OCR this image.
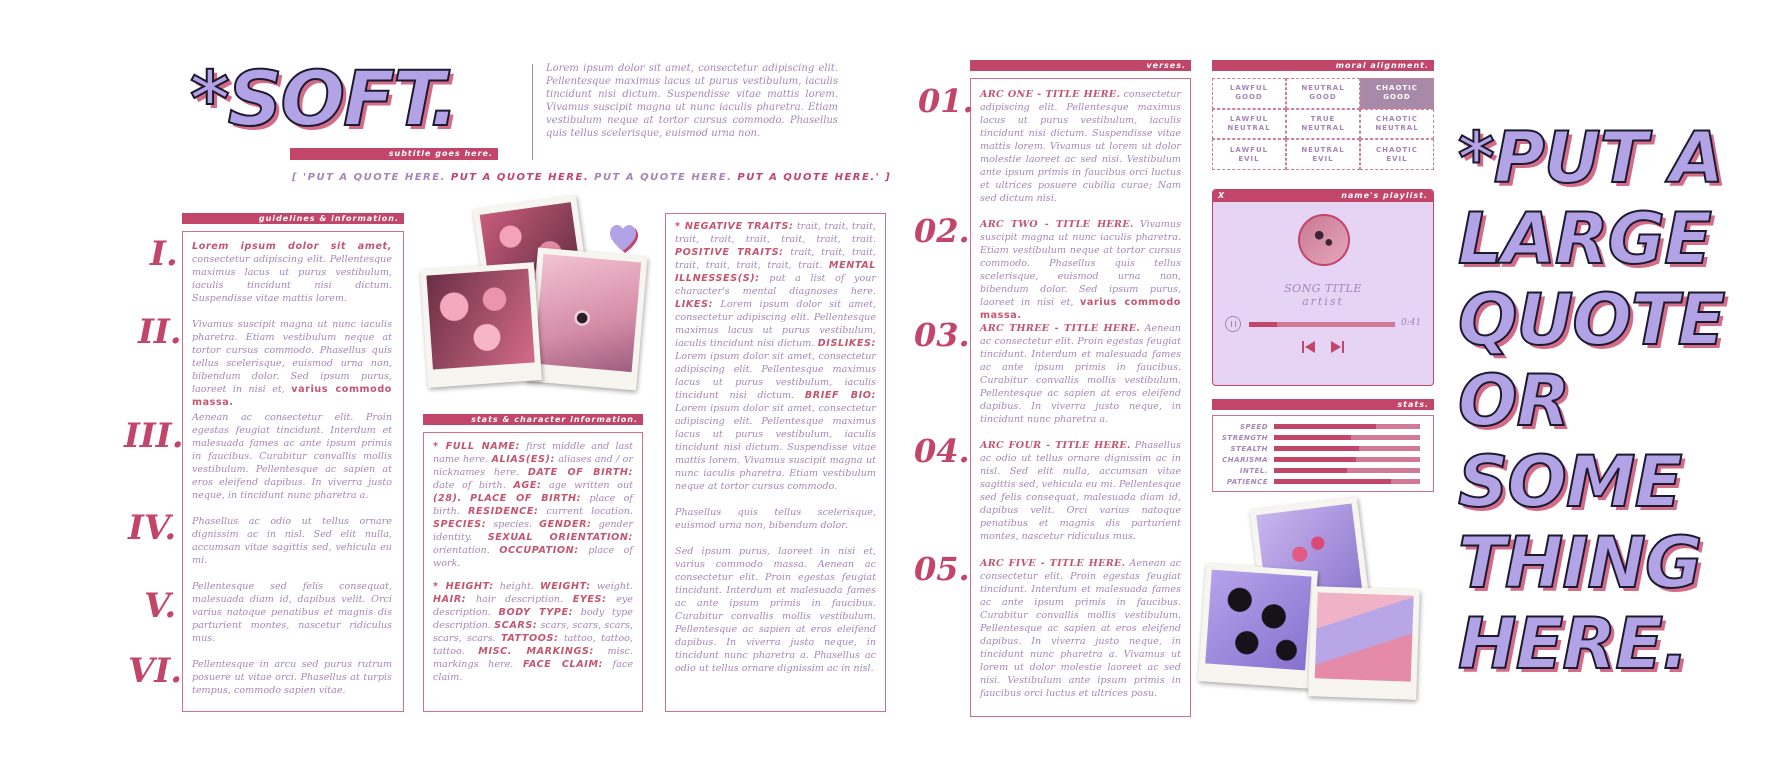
*SOFT.
subtitle goes here.
Lorem ipsum dolor sit amet, consectetur adipiscing elit. Pellentesque maximus lacus ut purus vestibulum, iaculis tincidunt nisi dictum. Suspendisse vitae mattis lorem. Vivamus suscipit magna ut nunc iaculis pharetra. Etiam vestibulum neque at tortor cursus commodo. Phasellus quis tellus scelerisque, euismod urna non.
[ 'PUT A QUOTE HERE. PUT A QUOTE HERE. PUT A QUOTE HERE. PUT A QUOTE HERE.' ]
guidelines & information.
I. Lorem ipsum dolor sit amet, consectetur adipiscing elit. Pellentesque maximus lacus ut purus vestibulum, iaculis tincidunt nisi dictum. Suspendisse vitae mattis lorem.
II. Vivamus suscipit magna ut nunc iaculis pharetra. Etiam vestibulum neque at tortor cursus commodo. Phasellus quis tellus scelerisque, euismod urna non, bibendum dolor. Sed ipsum purus, laoreet in nisi et, varius commodo massa.
III. Aenean ac consectetur elit. Proin egestas feugiat tincidunt. Interdum et malesuada fames ac ante ipsum primis in faucibus. Curabitur convallis mollis vestibulum. Pellentesque ac sapien at eros eleifend dapibus. In viverra justo neque, in tincidunt nunc pharetra a.
IV. Phasellus ac odio ut tellus ornare dignissim ac in nisl. Sed elit nulla, accumsan vitae sagittis sed, vehicula eu mi.
V. Pellentesque sed felis consequat, malesuada diam id, dapibus velit. Orci varius natoque penatibus et magnis dis parturient montes, nascetur ridiculus mus.
VI. Pellentesque in arcu sed purus rutrum posuere ut vitae orci. Phasellus at turpis tempus, commodo sapien vitae.
stats & character information.
* FULL NAME: first middle and last name here. ALIAS(ES): aliases and / or nicknames here. DATE OF BIRTH: date of birth. AGE: age written out (28). PLACE OF BIRTH: place of birth. RESIDENCE: current location. SPECIES: species. GENDER: gender identity. SEXUAL ORIENTATION: orientation. OCCUPATION: place of work.
* HEIGHT: height. WEIGHT: weight. HAIR: hair description. EYES: eye description. BODY TYPE: body type description. SCARS: scars, scars, scars, scars, scars. TATTOOS: tattoo, tattoo, tattoo. MISC. MARKINGS: misc. markings here. FACE CLAIM: face claim.
* NEGATIVE TRAITS: trait, trait, trait, trait, trait, trait, trait, trait, trait. POSITIVE TRAITS: trait, trait, trait, trait, trait, trait, trait, trait. MENTAL ILLNESSES(S): put a list of your character's mental diagnoses here. LIKES: Lorem ipsum dolor sit amet, consectetur adipiscing elit. Pellentesque maximus lacus ut purus vestibulum, iaculis tincidunt nisi dictum. DISLIKES: Lorem ipsum dolor sit amet, consectetur adipiscing elit. Pellentesque maximus lacus ut purus vestibulum, iaculis tincidunt nisi dictum. BRIEF BIO: Lorem ipsum dolor sit amet, consectetur adipiscing elit. Pellentesque maximus lacus ut purus vestibulum, iaculis tincidunt nisi dictum. Suspendisse vitae mattis lorem. Vivamus suscipit magna ut nunc iaculis pharetra. Etiam vestibulum neque at tortor cursus commodo.
Phasellus quis tellus scelerisque, euismod urna non, bibendum dolor.
Sed ipsum purus, laoreet in nisi et, varius commodo massa. Aenean ac consectetur elit. Proin egestas feugiat tincidunt. Interdum et malesuada fames ac ante ipsum primis in faucibus. Curabitur convallis mollis vestibulum. Pellentesque ac sapien at eros eleifend dapibus. In viverra justo neque, in tincidunt nunc pharetra a. Phasellus ac odio ut tellus ornare dignissim ac in nisl.
verses.
01. ARC ONE - TITLE HERE. consectetur adipiscing elit. Pellentesque maximus lacus ut purus vestibulum, iaculis tincidunt nisi dictum. Suspendisse vitae mattis lorem. Vivamus ut lorem ut dolor molestie laoreet ac sed nisi. Vestibulum ante ipsum primis in faucibus orci luctus et ultrices posuere cubilia curae; Nam sed dictum nisi.
02. ARC TWO - TITLE HERE. Vivamus suscipit magna ut nunc iaculis pharetra. Etiam vestibulum neque at tortor cursus commodo. Phasellus quis tellus scelerisque, euismod urna non, bibendum dolor. Sed ipsum purus, laoreet in nisi et, varius commodo massa.
03. ARC THREE - TITLE HERE. Aenean ac consectetur elit. Proin egestas feugiat tincidunt. Interdum et malesuada fames ac ante ipsum primis in faucibus. Curabitur convallis mollis vestibulum. Pellentesque ac sapien at eros eleifend dapibus. In viverra justo neque, in tincidunt nunc pharetra a.
04. ARC FOUR - TITLE HERE. Phasellus ac odio ut tellus ornare dignissim ac in nisl. Sed elit nulla, accumsan vitae sagittis sed, vehicula eu mi. Pellentesque sed felis consequat, malesuada diam id, dapibus velit. Orci varius natoque penatibus et magnis dis parturient montes, nascetur ridiculus mus.
05. ARC FIVE - TITLE HERE. Aenean ac consectetur elit. Proin egestas feugiat tincidunt. Interdum et malesuada fames ac ante ipsum primis in faucibus. Curabitur convallis mollis vestibulum. Pellentesque ac sapien at eros eleifend dapibus. In viverra justo neque, in tincidunt nunc pharetra a. Vivamus ut lorem ut dolor molestie laoreet ac sed nisi. Vestibulum ante ipsum primis in faucibus orci luctus et ultrices posu.
moral alignment.
LAWFUL
GOOD
NEUTRAL
GOOD
CHAOTIC
GOOD
LAWFUL
NEUTRAL
TRUE
NEUTRAL
CHAOTIC
NEUTRAL
LAWFUL
EVIL
NEUTRAL
EVIL
CHAOTIC
EVIL
X	name's playlist.
SONG TITLE
artist
0:41
stats.
SPEED
STRENGTH
STEALTH
CHARISMA
INTEL.
PATIENCE
*PUT A
LARGE
QUOTE
OR
SOME
THING
HERE.
